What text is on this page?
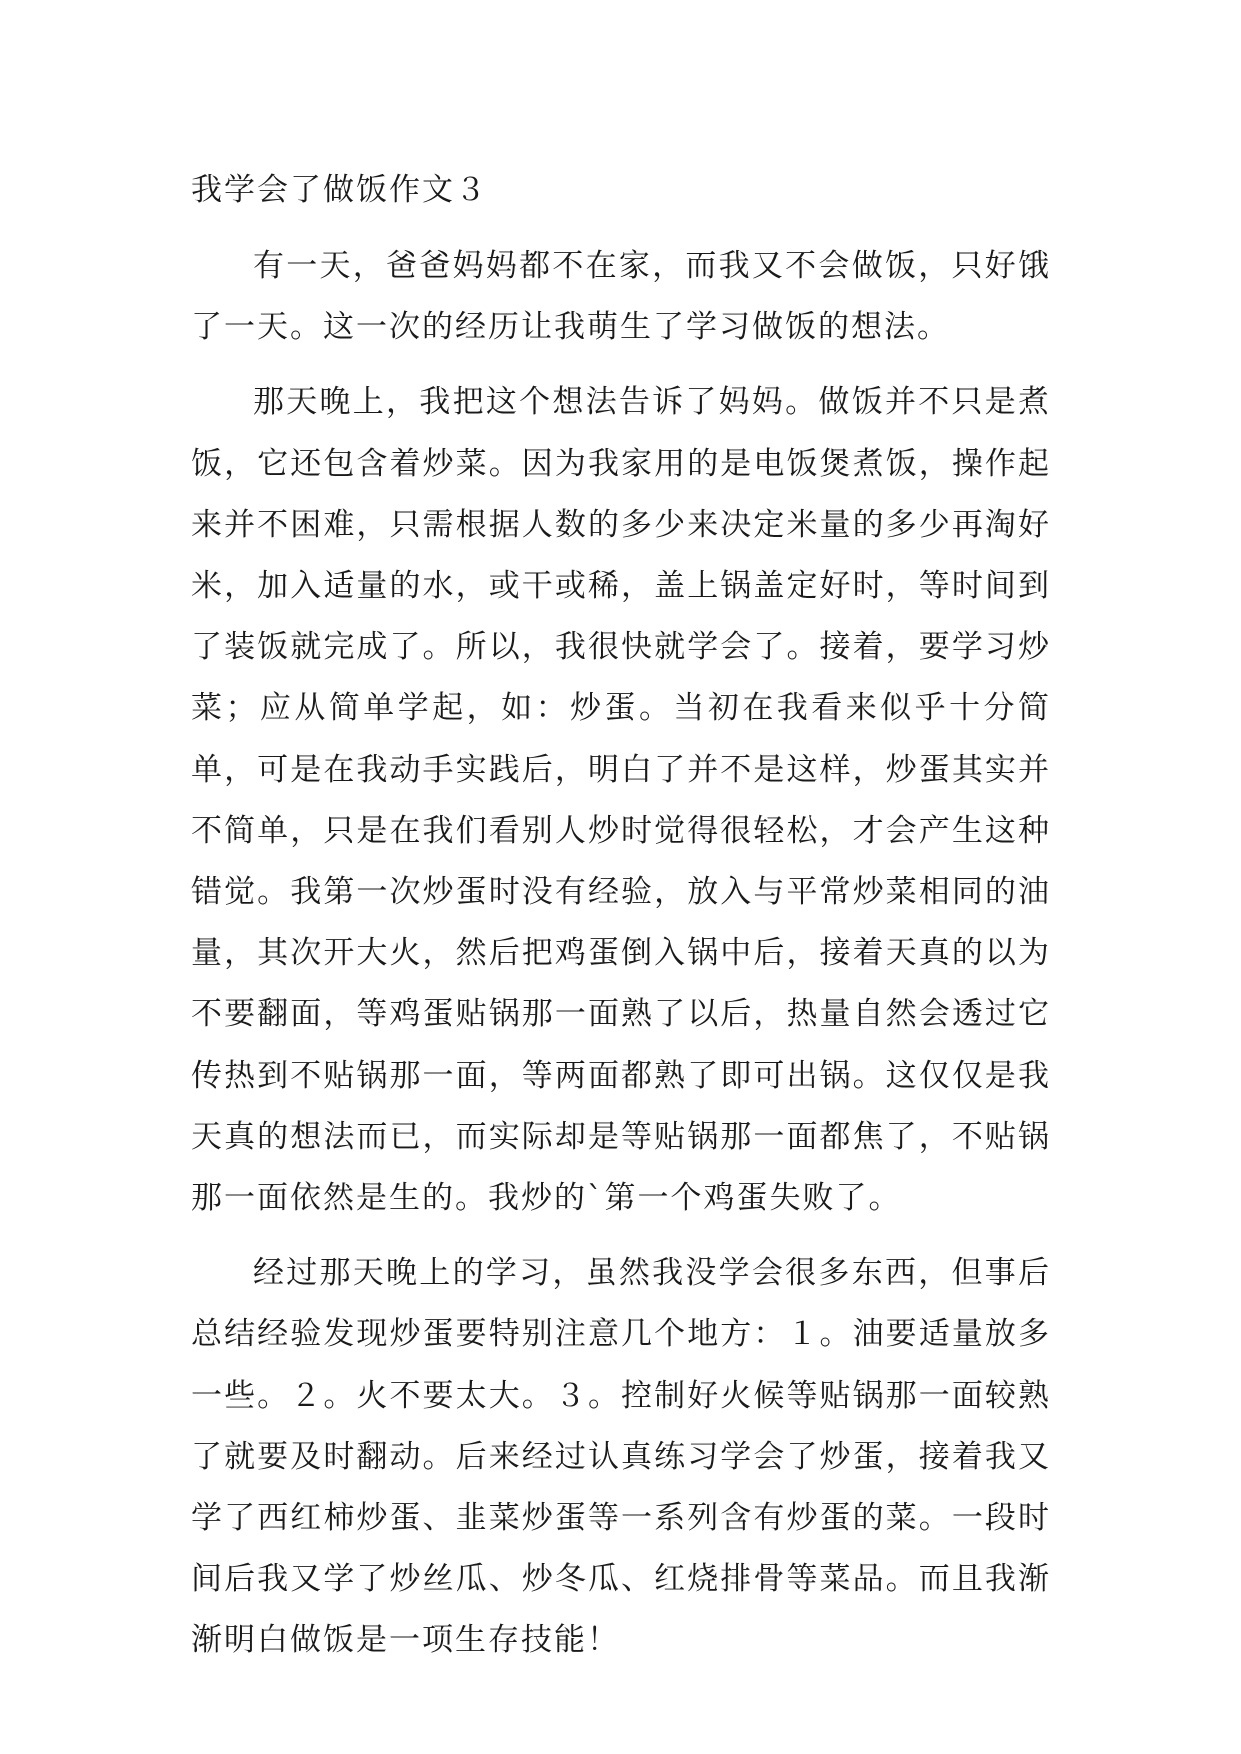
我学会了做饭作文３

有一天，爸爸妈妈都不在家，而我又不会做饭，只好饿了一天。这一次的经历让我萌生了学习做饭的想法。

那天晚上，我把这个想法告诉了妈妈。做饭并不只是煮饭，它还包含着炒菜。因为我家用的是电饭煲煮饭，操作起来并不困难，只需根据人数的多少来决定米量的多少再淘好米，加入适量的水，或干或稀，盖上锅盖定好时，等时间到了装饭就完成了。所以，我很快就学会了。接着，要学习炒菜；应从简单学起，如：炒蛋。当初在我看来似乎十分简单，可是在我动手实践后，明白了并不是这样，炒蛋其实并不简单，只是在我们看别人炒时觉得很轻松，才会产生这种错觉。我第一次炒蛋时没有经验，放入与平常炒菜相同的油量，其次开大火，然后把鸡蛋倒入锅中后，接着天真的以为不要翻面，等鸡蛋贴锅那一面熟了以后，热量自然会透过它传热到不贴锅那一面，等两面都熟了即可出锅。这仅仅是我天真的想法而已，而实际却是等贴锅那一面都焦了，不贴锅那一面依然是生的。我炒的`第一个鸡蛋失败了。

经过那天晚上的学习，虽然我没学会很多东西，但事后总结经验发现炒蛋要特别注意几个地方：１。油要适量放多一些。２。火不要太大。３。控制好火候等贴锅那一面较熟了就要及时翻动。后来经过认真练习学会了炒蛋，接着我又学了西红柿炒蛋、韭菜炒蛋等一系列含有炒蛋的菜。一段时间后我又学了炒丝瓜、炒冬瓜、红烧排骨等菜品。而且我渐渐明白做饭是一项生存技能！
